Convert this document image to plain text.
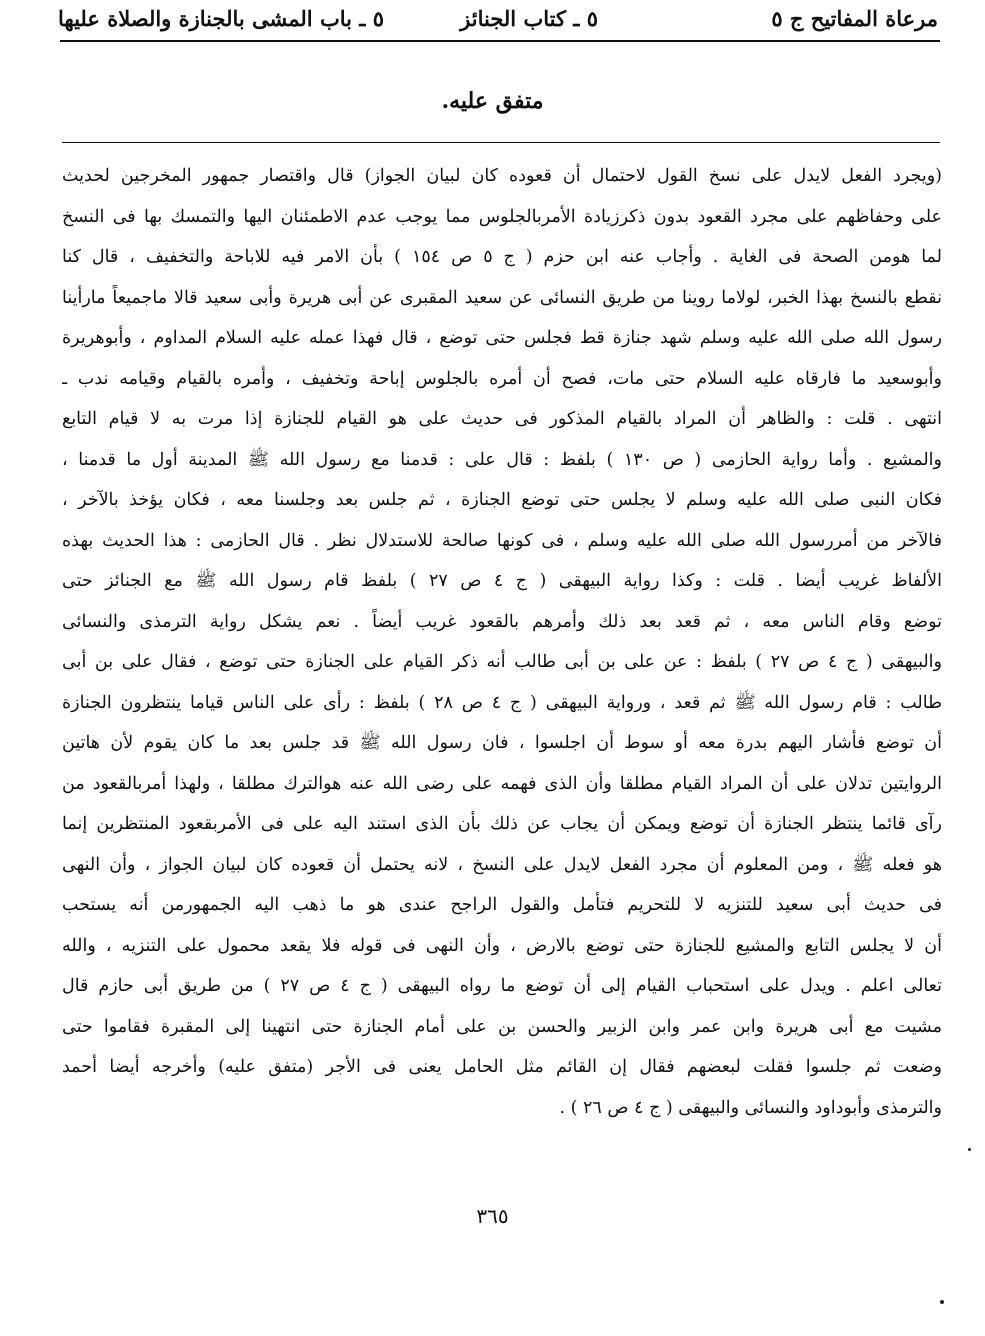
مرعاة المفاتيح ج ٥
٥ ـ كتاب الجنائز
٥ ـ باب المشى بالجنازة والصلاة عليها
متفق عليه.
(ويجرد الفعل لايدل على نسخ القول لاحتمال أن قعوده كان لبيان الجواز) قال واقتصار جمهور المخرجين لحديث
على وحفاظهم على مجرد القعود بدون ذكرزيادة الأمربالجلوس مما يوجب عدم الاطمئنان اليها والتمسك بها فى النسخ
لما هومن الصحة فى الغاية . وأجاب عنه ابن حزم ( ج ٥ ص ١٥٤ ) بأن الامر فيه للاباحة والتخفيف ، قال كنا
نقطع بالنسخ بهذا الخبر، لولاما روينا من طريق النسائى عن سعيد المقبرى عن أبى هريرة وأبى سعيد قالا ماجميعاً مارأينا
رسول الله صلى الله عليه وسلم شهد جنازة قط فجلس حتى توضع ، قال فهذا عمله عليه السلام المداوم ، وأبوهريرة
وأبوسعيد ما فارقاه عليه السلام حتى مات، فصح أن أمره بالجلوس إباحة وتخفيف ، وأمره بالقيام وقيامه ندب ـ
انتهى . قلت : والظاهر أن المراد بالقيام المذكور فى حديث على هو القيام للجنازة إذا مرت به لا قيام التابع
والمشيع . وأما رواية الحازمى ( ص ١٣٠ ) بلفظ : قال على : قدمنا مع رسول الله ﷺ المدينة أول ما قدمنا ،
فكان النبى صلى الله عليه وسلم لا يجلس حتى توضع الجنازة ، ثم جلس بعد وجلسنا معه ، فكان يؤخذ بالآخر ،
فالآخر من أمررسول الله صلى الله عليه وسلم ، فى كونها صالحة للاستدلال نظر . قال الحازمى : هذا الحديث بهذه
الألفاظ غريب أيضا . قلت : وكذا رواية البيهقى ( ج ٤ ص ٢٧ ) بلفظ قام رسول الله ﷺ مع الجنائز حتى
توضع وقام الناس معه ، ثم قعد بعد ذلك وأمرهم بالقعود غريب أيضاً . نعم يشكل رواية الترمذى والنسائى
والبيهقى ( ج ٤ ص ٢٧ ) بلفظ : عن على بن أبى طالب أنه ذكر القيام على الجنازة حتى توضع ، فقال على بن أبى
طالب : قام رسول الله ﷺ ثم قعد ، ورواية البيهقى ( ج ٤ ص ٢٨ ) بلفظ : رأى على الناس قياما ينتظرون الجنازة
أن توضع فأشار اليهم بدرة معه أو سوط أن اجلسوا ، فان رسول الله ﷺ قد جلس بعد ما كان يقوم لأن هاتين
الروايتين تدلان على أن المراد القيام مطلقا وأن الذى فهمه على رضى الله عنه هوالترك مطلقا ، ولهذا أمربالقعود من
رآى قائما ينتظر الجنازة أن توضع ويمكن أن يجاب عن ذلك بأن الذى استند اليه على فى الأمربقعود المنتظرين إنما
هو فعله ﷺ ، ومن المعلوم أن مجرد الفعل لايدل على النسخ ، لانه يحتمل أن قعوده كان لبيان الجواز ، وأن النهى
فى حديث أبى سعيد للتنزيه لا للتحريم فتأمل والقول الراجح عندى هو ما ذهب اليه الجمهورمن أنه يستحب
أن لا يجلس التابع والمشيع للجنازة حتى توضع بالارض ، وأن النهى فى قوله فلا يقعد محمول على التنزيه ، والله
تعالى اعلم . ويدل على استحباب القيام إلى أن توضع ما رواه البيهقى ( ج ٤ ص ٢٧ ) من طريق أبى حازم قال
مشيت مع أبى هريرة وابن عمر وابن الزبير والحسن بن على أمام الجنازة حتى انتهينا إلى المقبرة فقاموا حتى
وضعت ثم جلسوا فقلت لبعضهم فقال إن القائم مثل الحامل يعنى فى الأجر (متفق عليه) وأخرجه أيضا أحمد
والترمذى وأبوداود والنسائى والبيهقى ( ج ٤ ص ٢٦ ) .
٣٦٥
